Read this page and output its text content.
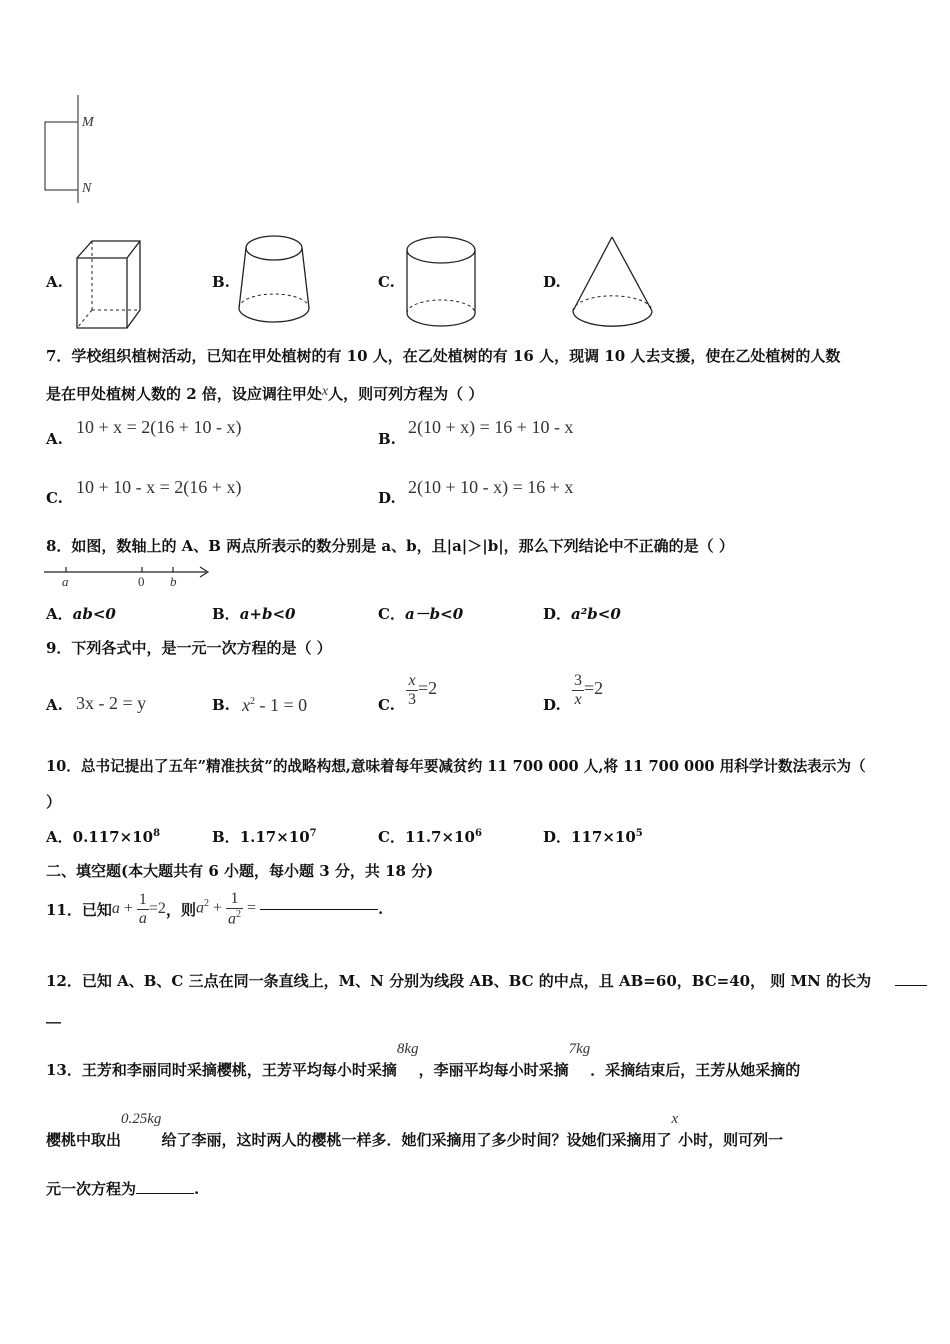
M
N
A.	B.	C.	D.
7．学校组织植树活动，已知在甲处植树的有 10 人，在乙处植树的有 16 人，现调 10 人去支援，使在乙处植树的人数
是在甲处植树人数的 2 倍，设应调往甲处x人，则可列方程为（ ）
A.
10 + x = 2(16 + 10 - x)
B.
2(10 + x) = 16 + 10 - x
C.
10 + 10 - x = 2(16 + x)
D.
2(10 + 10 - x) = 16 + x
8．如图，数轴上的 A、B 两点所表示的数分别是 a、b，且|a|＞|b|，那么下列结论中不正确的是（ ）
a	0 b
A．ab<0	B．a+b<0	C．a－b<0	D．a²b<0
9．下列各式中，是一元一次方程的是（ ）
A. 3x - 2 = y	B. $x^2 - 1 = 0$	C. $\frac{x}{3} =2$
D. $\frac{3}{x} =2$
10．总书记提出了五年”精准扶贫”的战略构想,意味着每年要减贫约 11 700 000 人,将 11 700 000 用科学计数法表示为（
）
A．$0.117\times 10^8$	B．$1.17\times 10^7$	C．$11.7\times 10^6$	D．$117\times 10^5$
二、填空题(本大题共有 6 小题，每小题 3 分，共 18 分)
11．已知 $a + \frac{1}{a} =2$ ，则 $a^2 + \frac{1}{a^2}$ =	.
12．已知 A、B、C 三点在同一条直线上，M、N 分别为线段 AB、BC 的中点，且 AB=60，BC=40， 则 MN 的长为
__
13．王芳和李丽同时采摘樱桃，王芳平均每小时采摘
8kg
，李丽平均每小时采摘
7kg
．采摘结束后，王芳从她采摘的
樱桃中取出
0.25kg
给了李丽，这时两人的樱桃一样多．她们采摘用了多少时间？设她们采摘用了
x
小时，则可列一
元一次方程为	.
